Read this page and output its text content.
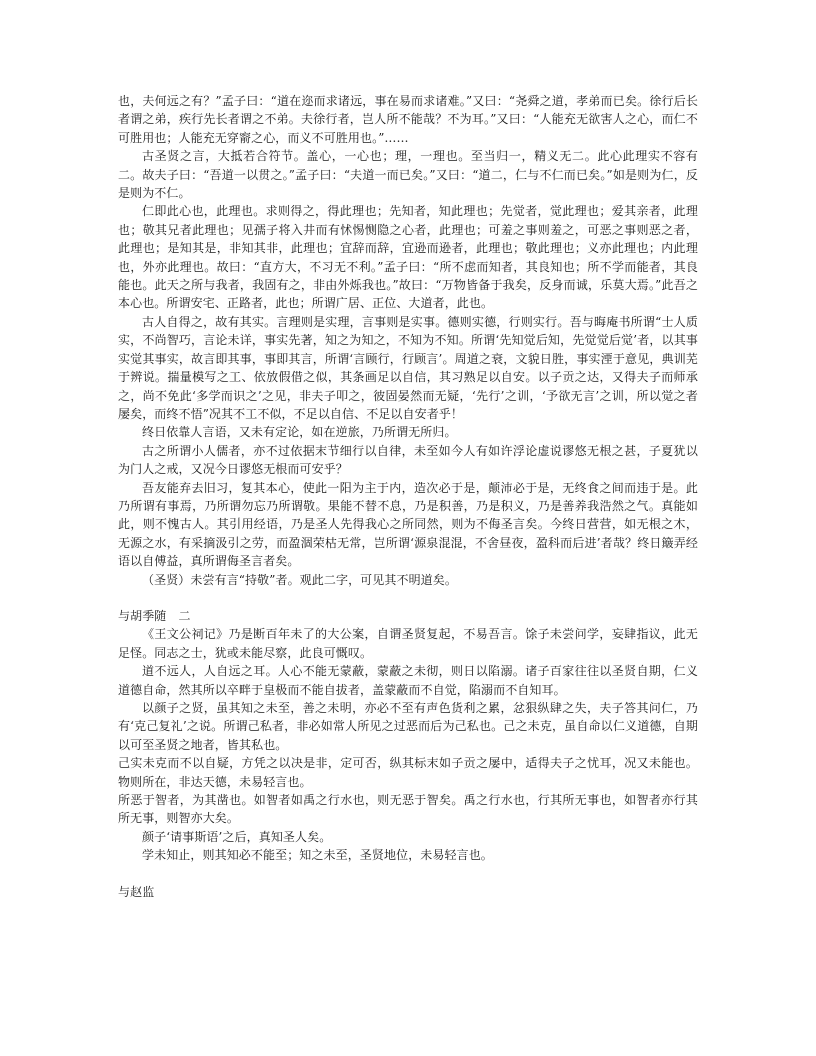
也，夫何远之有？”孟子曰：“道在迩而求诸远，事在易而求诸难。”又曰：“尧舜之道，孝弟而已矣。徐行后长者谓之弟，疾行先长者谓之不弟。夫徐行者，岂人所不能哉？不为耳。”又曰：“人能充无欲害人之心，而仁不可胜用也；人能充无穿窬之心，而义不可胜用也。”……

古圣贤之言，大抵若合符节。盖心，一心也；理，一理也。至当归一，精义无二。此心此理实不容有二。故夫子曰：“吾道一以贯之。”孟子曰：“夫道一而已矣。”又曰：“道二，仁与不仁而已矣。”如是则为仁，反是则为不仁。

仁即此心也，此理也。求则得之，得此理也；先知者，知此理也；先觉者，觉此理也；爱其亲者，此理也；敬其兄者此理也；见孺子将入井而有怵惕恻隐之心者，此理也；可羞之事则羞之，可恶之事则恶之者，此理也；是知其是，非知其非，此理也；宜辞而辞，宜逊而逊者，此理也；敬此理也；义亦此理也；内此理也，外亦此理也。故曰：“直方大，不习无不利。”孟子曰：“所不虑而知者，其良知也；所不学而能者，其良能也。此天之所与我者，我固有之，非由外烁我也。”故曰：“万物皆备于我矣，反身而诚，乐莫大焉。”此吾之本心也。所谓安宅、正路者，此也；所谓广居、正位、大道者，此也。

古人自得之，故有其实。言理则是实理，言事则是实事。德则实德，行则实行。吾与晦庵书所谓“士人质实，不尚智巧，言论未详，事实先著，知之为知之，不知为不知。所谓‘先知觉后知，先觉觉后觉’者，以其事实觉其事实，故言即其事，事即其言，所谓‘言顾行，行顾言’。周道之衰，文貌日胜，事实湮于意见，典训芜于辨说。揣量模写之工、依放假借之似，其条画足以自信，其习熟足以自安。以子贡之达，又得夫子而师承之，尚不免此‘多学而识之’之见，非夫子叩之，彼固晏然而无疑，‘先行’之训，‘予欲无言’之训，所以觉之者屡矣，而终不悟”况其不工不似，不足以自信、不足以自安者乎！

终日依靠人言语，又未有定论，如在逆旅，乃所谓无所归。

古之所谓小人儒者，亦不过依据末节细行以自律，未至如今人有如许浮论虚说谬悠无根之甚，子夏犹以为门人之戒，又况今日谬悠无根而可安乎？

吾友能弃去旧习，复其本心，使此一阳为主于内，造次必于是，颠沛必于是，无终食之间而违于是。此乃所谓有事焉，乃所谓勿忘乃所谓敬。果能不替不息，乃是积善，乃是积义，乃是善养我浩然之气。真能如此，则不愧古人。其引用经语，乃是圣人先得我心之所同然，则为不侮圣言矣。今终日营营，如无根之木，无源之水，有采摘汲引之劳，而盈涸荣枯无常，岂所谓‘源泉混混，不舍昼夜，盈科而后进’者哉？终日簸弄经语以自傅益，真所谓侮圣言者矣。

（圣贤）未尝有言“持敬”者。观此二字，可见其不明道矣。

与胡季随　二

《王文公祠记》乃是断百年未了的大公案，自谓圣贤复起，不易吾言。馀子未尝问学，妄肆指议，此无足怪。同志之士，犹或未能尽察，此良可慨叹。

道不远人，人自远之耳。人心不能无蒙蔽，蒙蔽之未彻，则日以陷溺。诸子百家往往以圣贤自期，仁义道德自命，然其所以卒畔于皇极而不能自拔者，盖蒙蔽而不自觉，陷溺而不自知耳。

以颜子之贤，虽其知之未至，善之未明，亦必不至有声色货利之累，忿狠纵肆之失，夫子答其问仁，乃有‘克己复礼’之说。所谓己私者，非必如常人所见之过恶而后为己私也。己之未克，虽自命以仁义道德，自期以可至圣贤之地者，皆其私也。

己实未克而不以自疑，方凭之以决是非，定可否，纵其标末如子贡之屡中，适得夫子之忧耳，况又未能也。物则所在，非达天德，未易轻言也。

所恶于智者，为其凿也。如智者如禹之行水也，则无恶于智矣。禹之行水也，行其所无事也，如智者亦行其所无事，则智亦大矣。

颜子‘请事斯语’之后，真知圣人矣。

学未知止，则其知必不能至；知之未至，圣贤地位，未易轻言也。

与赵监
